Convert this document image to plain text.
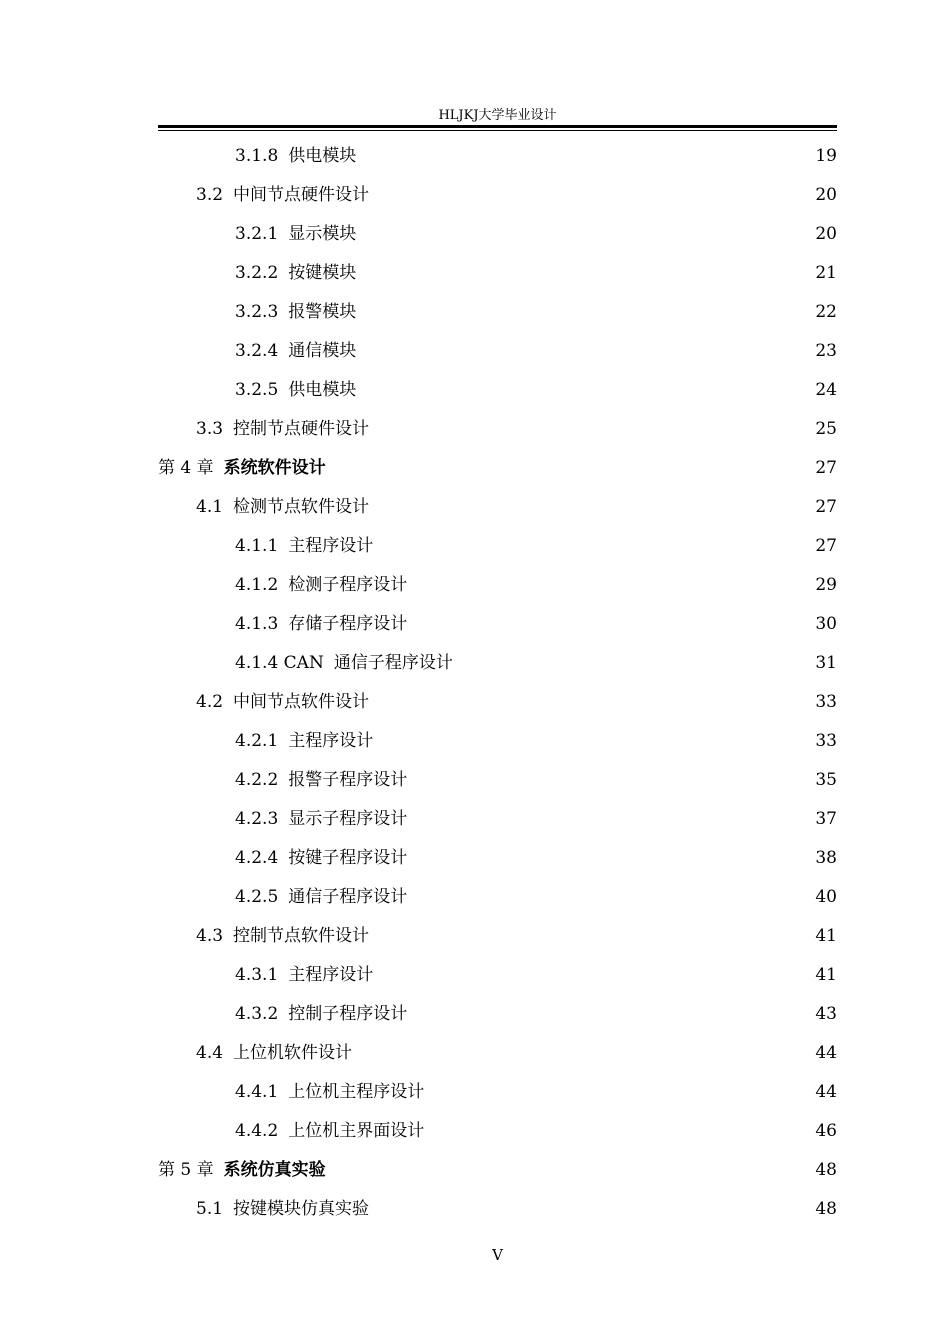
HLJKJ大学毕业设计
3.1.8 供电模块 .....	19
3.2 中间节点硬件设计 .....	20
3.2.1 显示模块 .....	20
3.2.2 按键模块 .....	21
3.2.3 报警模块 .....	22
3.2.4 通信模块 .....	23
3.2.5 供电模块 .....	24
3.3 控制节点硬件设计 .....	25
第 4 章 系统软件设计 .....	27
4.1 检测节点软件设计 .....	27
4.1.1 主程序设计 .....	27
4.1.2 检测子程序设计 .....	29
4.1.3 存储子程序设计 .....	30
4.1.4 CAN 通信子程序设计 .....	31
4.2 中间节点软件设计 .....	33
4.2.1 主程序设计 .....	33
4.2.2 报警子程序设计 .....	35
4.2.3 显示子程序设计 .....	37
4.2.4 按键子程序设计 .....	38
4.2.5 通信子程序设计 .....	40
4.3 控制节点软件设计 .....	41
4.3.1 主程序设计 .....	41
4.3.2 控制子程序设计 .....	43
4.4 上位机软件设计 .....	44
4.4.1 上位机主程序设计 .....	44
4.4.2 上位机主界面设计 .....	46
第 5 章 系统仿真实验 .....	48
5.1 按键模块仿真实验 .....	48
V
